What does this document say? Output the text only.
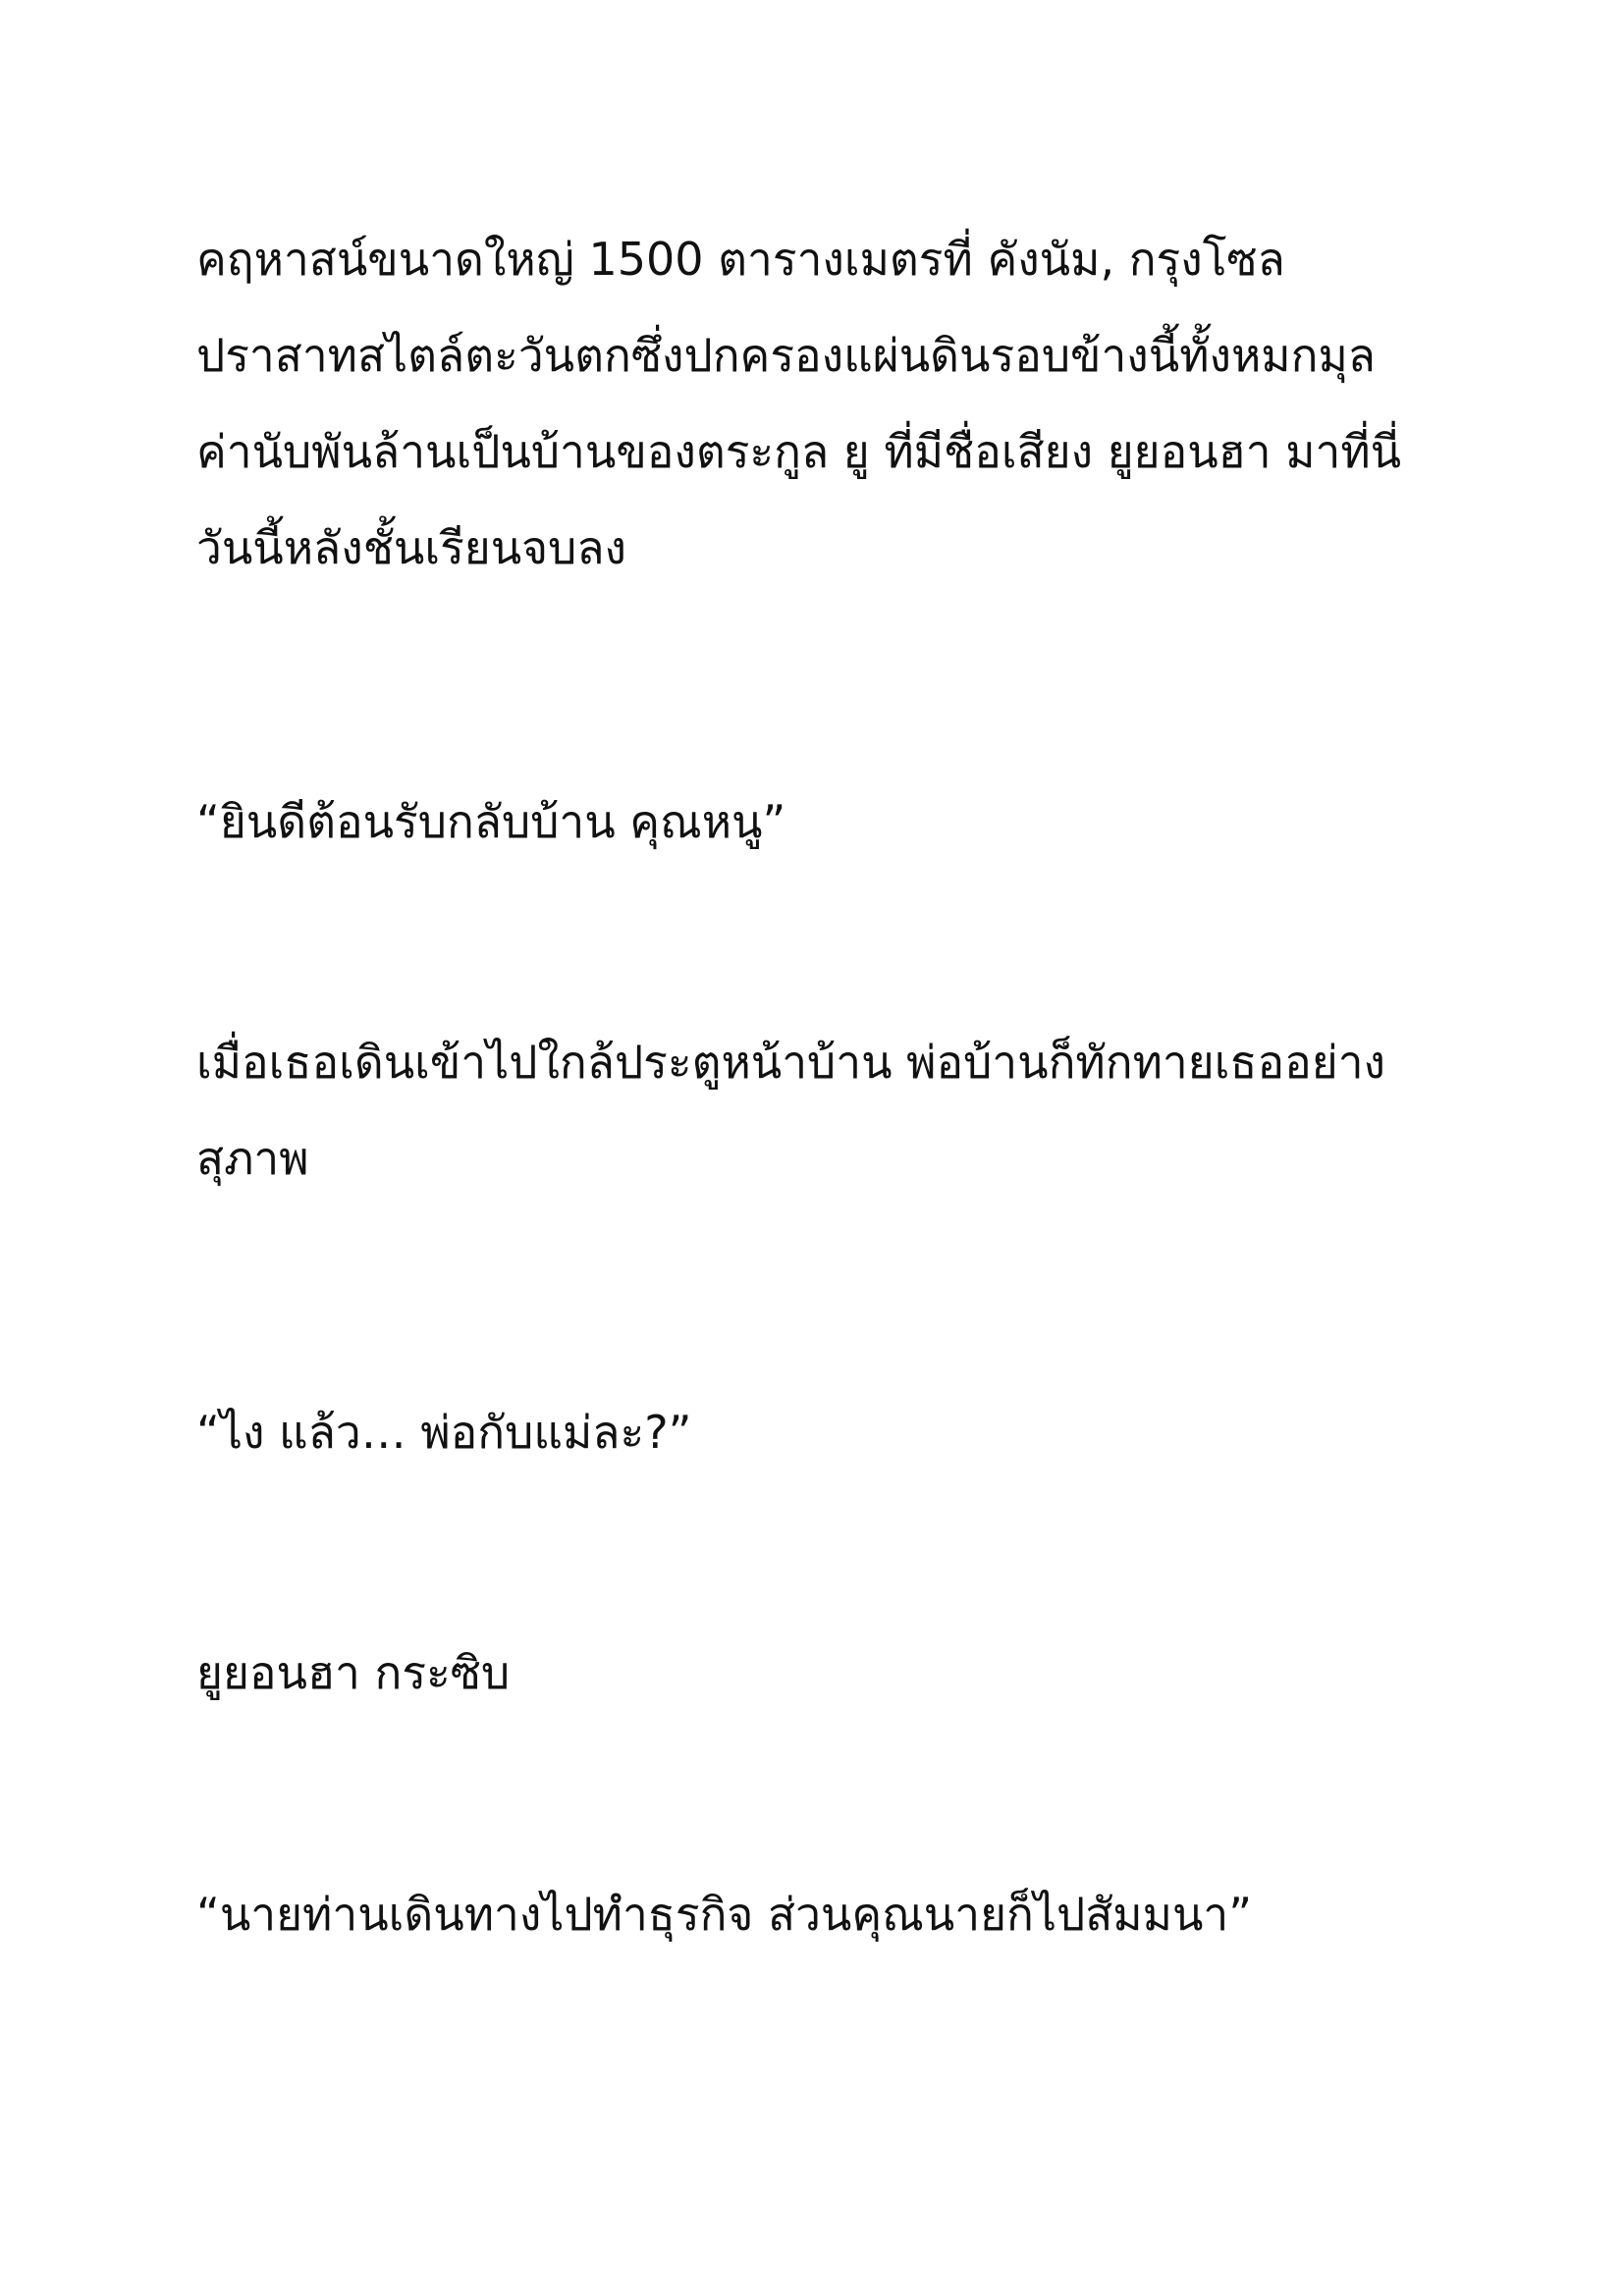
คฤหาสน์ขนาดใหญ่ 1500 ตารางเมตรที่ คังนัม, กรุงโซล
ปราสาทสไตล์ตะวันตกซึ่งปกครองแผ่นดินรอบข้างนี้ทั้งหมกมุล
ค่านับพันล้านเป็นบ้านของตระกูล ยู ที่มีชื่อเสียง ยูยอนฮา มาที่นี่
วันนี้หลังชั้นเรียนจบลง

“ยินดีต้อนรับกลับบ้าน คุณหนู”

เมื่อเธอเดินเข้าไปใกล้ประตูหน้าบ้าน พ่อบ้านก็ทักทายเธออย่าง
สุภาพ

“ไง แล้ว… พ่อกับแม่ละ?”

ยูยอนฮา กระซิบ

“นายท่านเดินทางไปทำธุรกิจ ส่วนคุณนายก็ไปสัมมนา”
